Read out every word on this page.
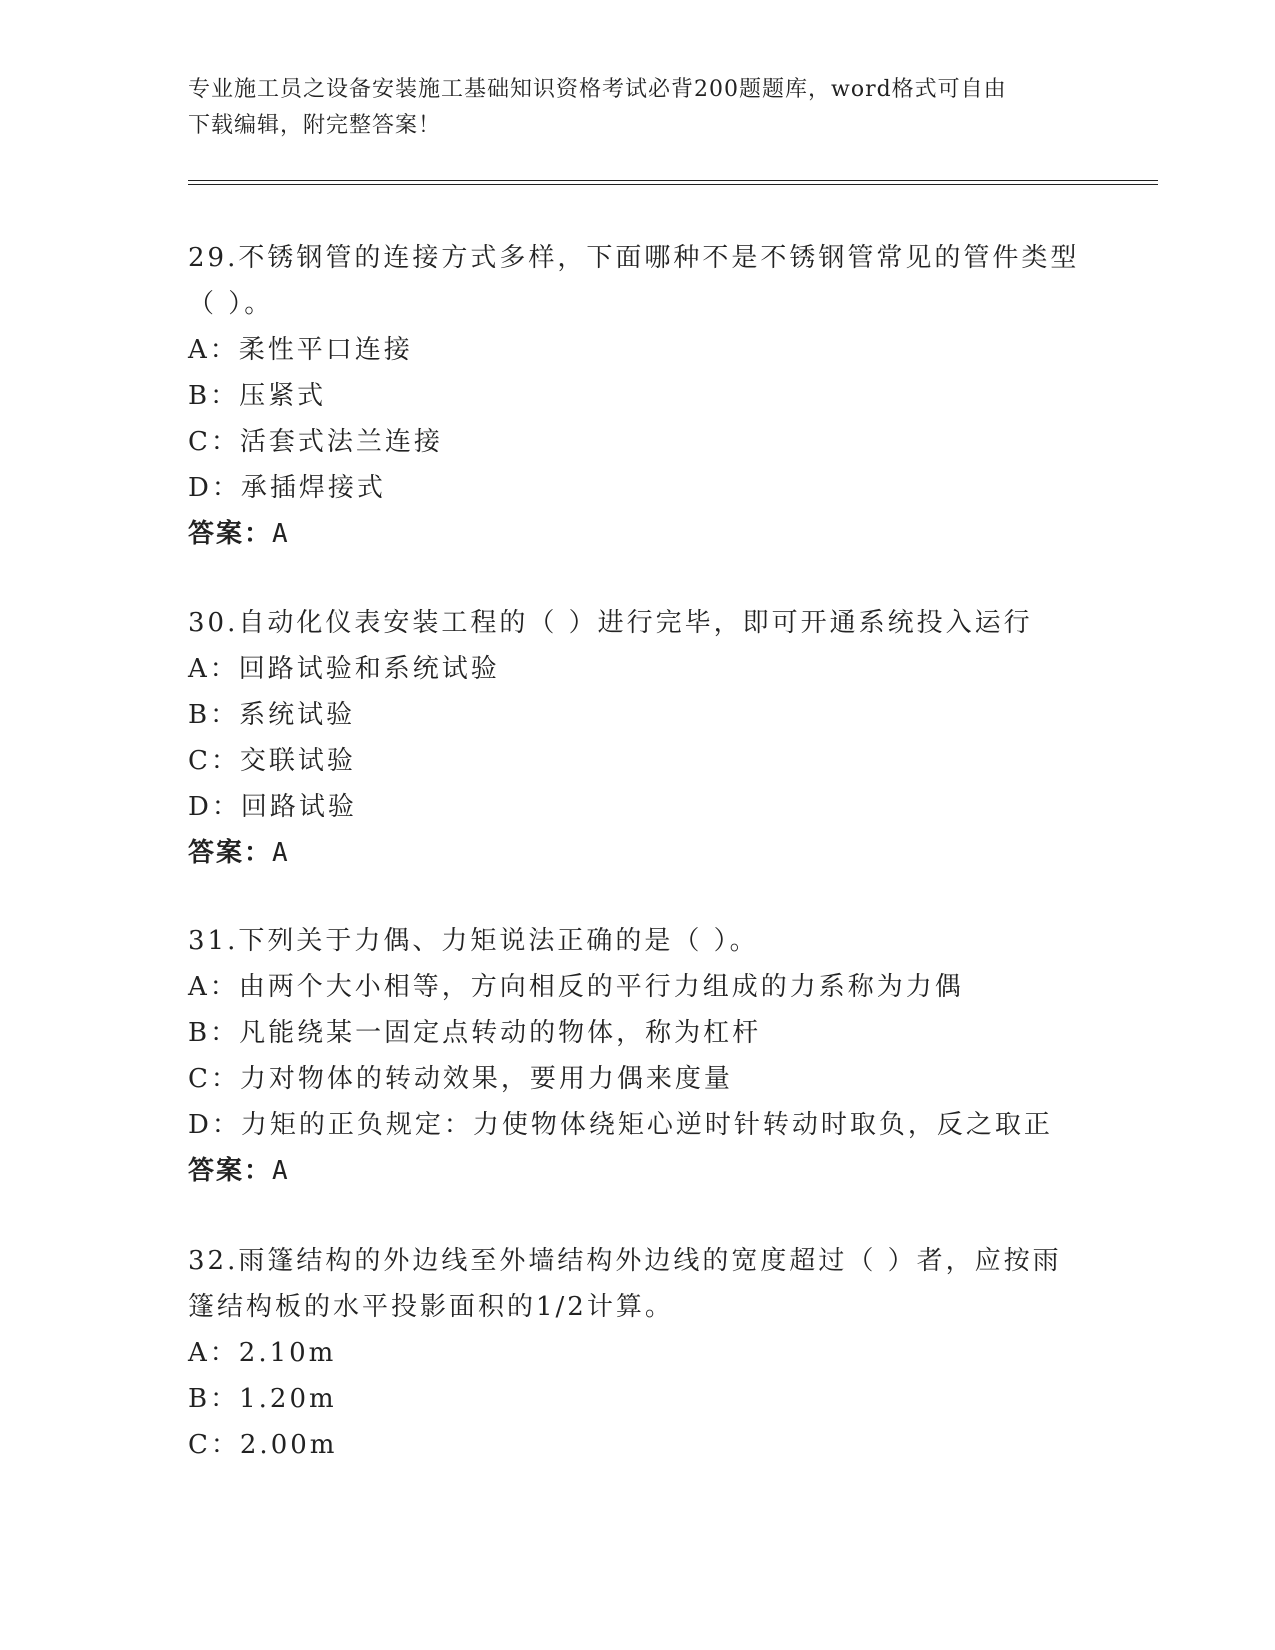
专业施工员之设备安装施工基础知识资格考试必背200题题库，word格式可自由
下载编辑，附完整答案！
29.不锈钢管的连接方式多样，下面哪种不是不锈钢管常见的管件类型
（ ）。
A：柔性平口连接
B：压紧式
C：活套式法兰连接
D：承插焊接式
答案：A
30.自动化仪表安装工程的（ ）进行完毕，即可开通系统投入运行
A：回路试验和系统试验
B：系统试验
C：交联试验
D：回路试验
答案：A
31.下列关于力偶、力矩说法正确的是（ ）。
A：由两个大小相等，方向相反的平行力组成的力系称为力偶
B：凡能绕某一固定点转动的物体，称为杠杆
C：力对物体的转动效果，要用力偶来度量
D：力矩的正负规定：力使物体绕矩心逆时针转动时取负，反之取正
答案：A
32.雨篷结构的外边线至外墙结构外边线的宽度超过（ ）者，应按雨
篷结构板的水平投影面积的1/2计算。
A：2.10m
B：1.20m
C：2.00m
